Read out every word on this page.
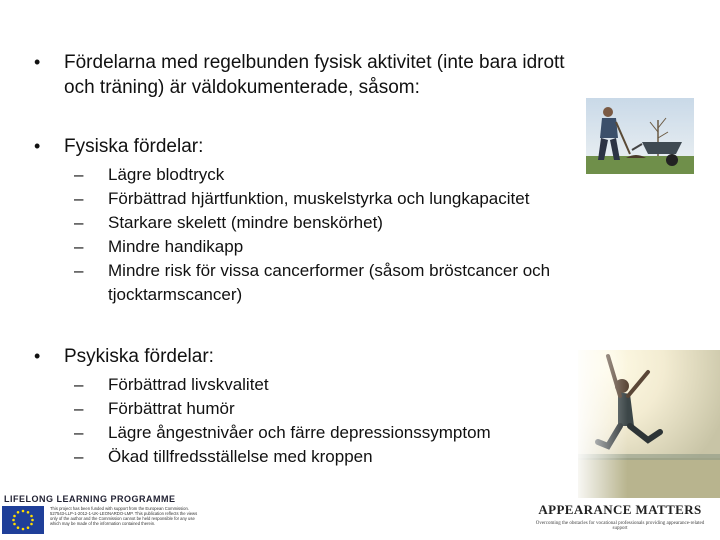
•	Fördelarna med regelbunden fysisk aktivitet (inte bara idrott och träning) är väldokumenterade, såsom:
•	Fysiska fördelar:
–	Lägre blodtryck
–	Förbättrad hjärtfunktion, muskelstyrka och lungkapacitet
–	Starkare skelett (mindre benskörhet)
–	Mindre handikapp
–	Mindre risk för vissa cancerformer (såsom bröstcancer och tjocktarmscancer)
•	Psykiska fördelar:
–	Förbättrad livskvalitet
–	Förbättrat humör
–	Lägre ångestnivåer och färre depressionssymptom
–	Ökad tillfredsställelse med kroppen
LIFELONG LEARNING PROGRAMME
This project has been funded with support from the European Commission. 527543-LLP-1-2012-1-UK-LEONARDO-LMP. This publication reflects the views only of the author and the Commission cannot be held responsible for any use which may be made of the information contained therein.
APPEARANCE MATTERS
Overcoming the obstacles for vocational professionals providing appearance-related support
